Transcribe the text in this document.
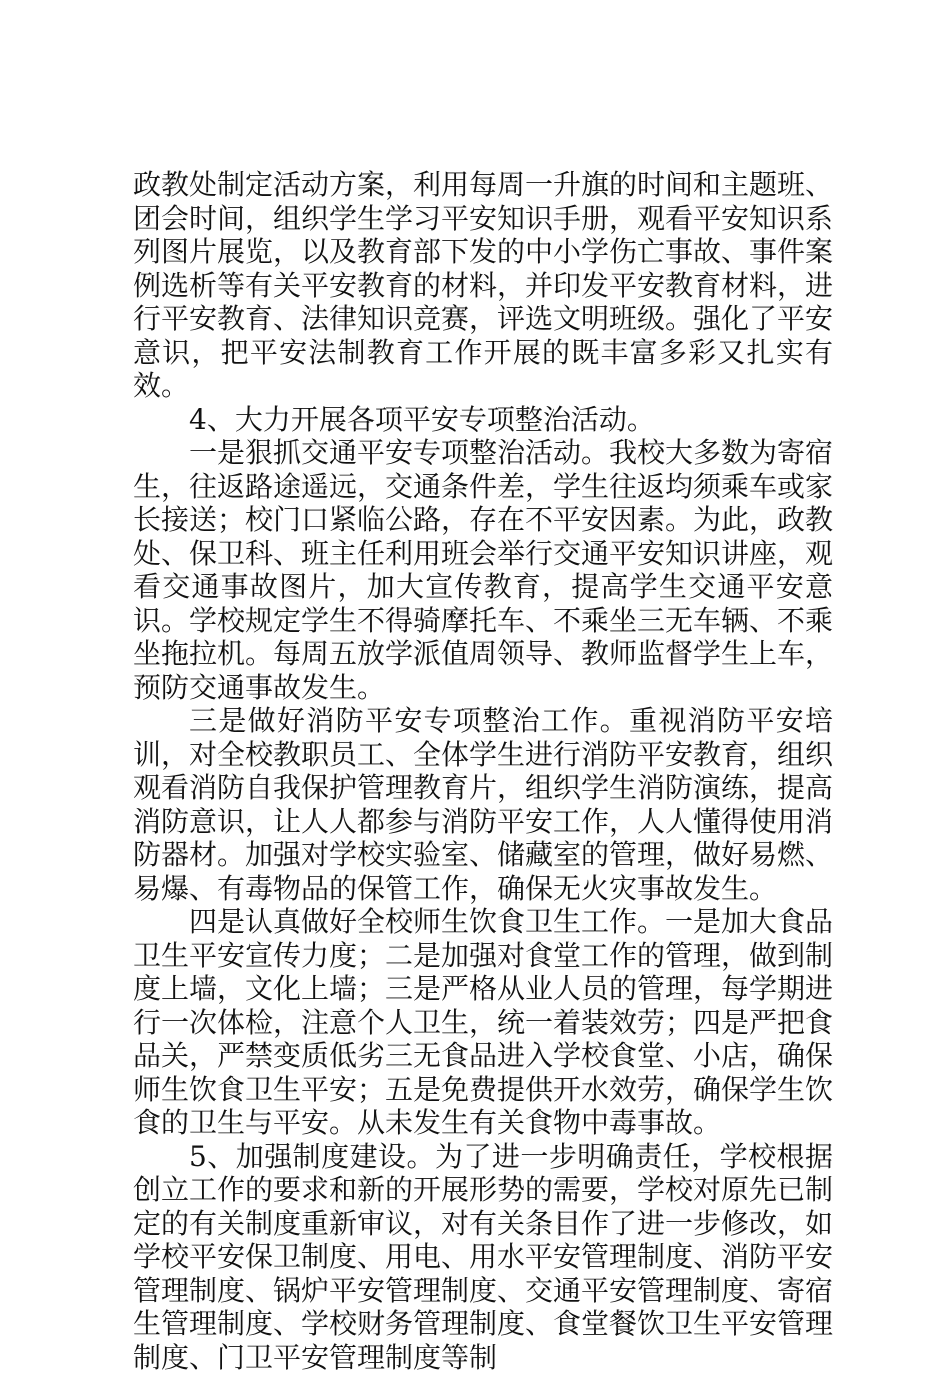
政教处制定活动方案，利用每周一升旗的时间和主题班、团会时间，组织学生学习平安知识手册，观看平安知识系列图片展览，以及教育部下发的中小学伤亡事故、事件案例选析等有关平安教育的材料，并印发平安教育材料，进行平安教育、法律知识竞赛，评选文明班级。强化了平安意识，把平安法制教育工作开展的既丰富多彩又扎实有效。

4、大力开展各项平安专项整治活动。

一是狠抓交通平安专项整治活动。我校大多数为寄宿生，往返路途遥远，交通条件差，学生往返均须乘车或家长接送；校门口紧临公路，存在不平安因素。为此，政教处、保卫科、班主任利用班会举行交通平安知识讲座，观看交通事故图片，加大宣传教育，提高学生交通平安意识。学校规定学生不得骑摩托车、不乘坐三无车辆、不乘坐拖拉机。每周五放学派值周领导、教师监督学生上车，预防交通事故发生。

三是做好消防平安专项整治工作。重视消防平安培训，对全校教职员工、全体学生进行消防平安教育，组织观看消防自我保护管理教育片，组织学生消防演练，提高消防意识，让人人都参与消防平安工作，人人懂得使用消防器材。加强对学校实验室、储藏室的管理，做好易燃、易爆、有毒物品的保管工作，确保无火灾事故发生。

四是认真做好全校师生饮食卫生工作。一是加大食品卫生平安宣传力度；二是加强对食堂工作的管理，做到制度上墙，文化上墙；三是严格从业人员的管理，每学期进行一次体检，注意个人卫生，统一着装效劳；四是严把食品关，严禁变质低劣三无食品进入学校食堂、小店，确保师生饮食卫生平安；五是免费提供开水效劳，确保学生饮食的卫生与平安。从未发生有关食物中毒事故。

5、加强制度建设。为了进一步明确责任，学校根据创立工作的要求和新的开展形势的需要，学校对原先已制定的有关制度重新审议，对有关条目作了进一步修改，如学校平安保卫制度、用电、用水平安管理制度、消防平安管理制度、锅炉平安管理制度、交通平安管理制度、寄宿生管理制度、学校财务管理制度、食堂餐饮卫生平安管理制度、门卫平安管理制度等制
